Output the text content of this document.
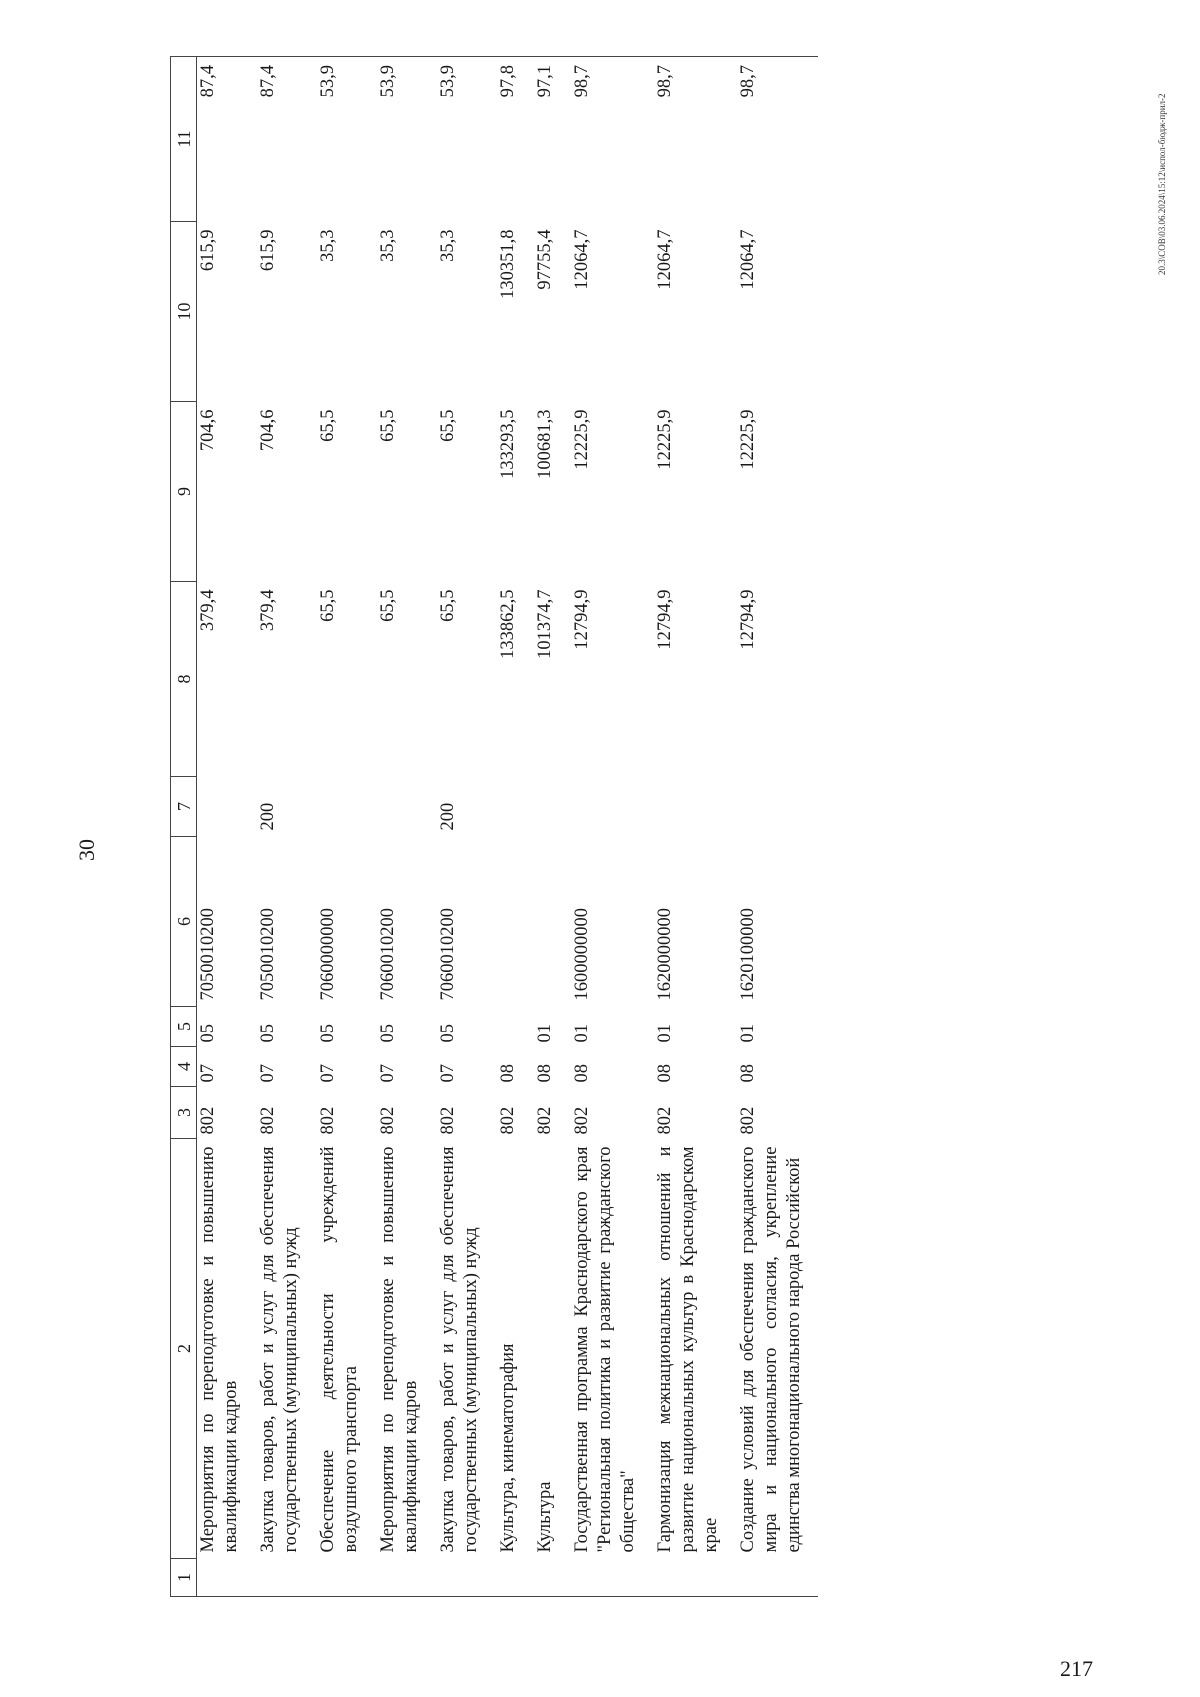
30
1	2	3	4	5	6	7	8	9	10	11
	Мероприятия по переподготовке и повышению квалификации кадров	802	07	05	7050010200		379,4	704,6	615,9	87,4
	Закупка товаров, работ и услуг для обеспечения государственных (муниципальных) нужд	802	07	05	7050010200	200	379,4	704,6	615,9	87,4
	Обеспечение деятельности учреждений воздушного транспорта	802	07	05	7060000000		65,5	65,5	35,3	53,9
	Мероприятия по переподготовке и повышению квалификации кадров	802	07	05	7060010200		65,5	65,5	35,3	53,9
	Закупка товаров, работ и услуг для обеспечения государственных (муниципальных) нужд	802	07	05	7060010200	200	65,5	65,5	35,3	53,9
	Культура, кинематография	802	08				133862,5	133293,5	130351,8	97,8
	Культура	802	08	01			101374,7	100681,3	97755,4	97,1
	Государственная программа Краснодарского края "Региональная политика и развитие гражданского общества"	802	08	01	1600000000		12794,9	12225,9	12064,7	98,7
	Гармонизация межнациональных отношений и развитие национальных культур в Краснодарском крае	802	08	01	1620000000		12794,9	12225,9	12064,7	98,7
	Создание условий для обеспечения гражданского мира и национального согласия, укрепление единства многонационального народа Российской	802	08	01	1620100000		12794,9	12225,9	12064,7	98,7
20.3\СОВ\03.06.2024\15:12\испол-бюдж-прил-2
217
